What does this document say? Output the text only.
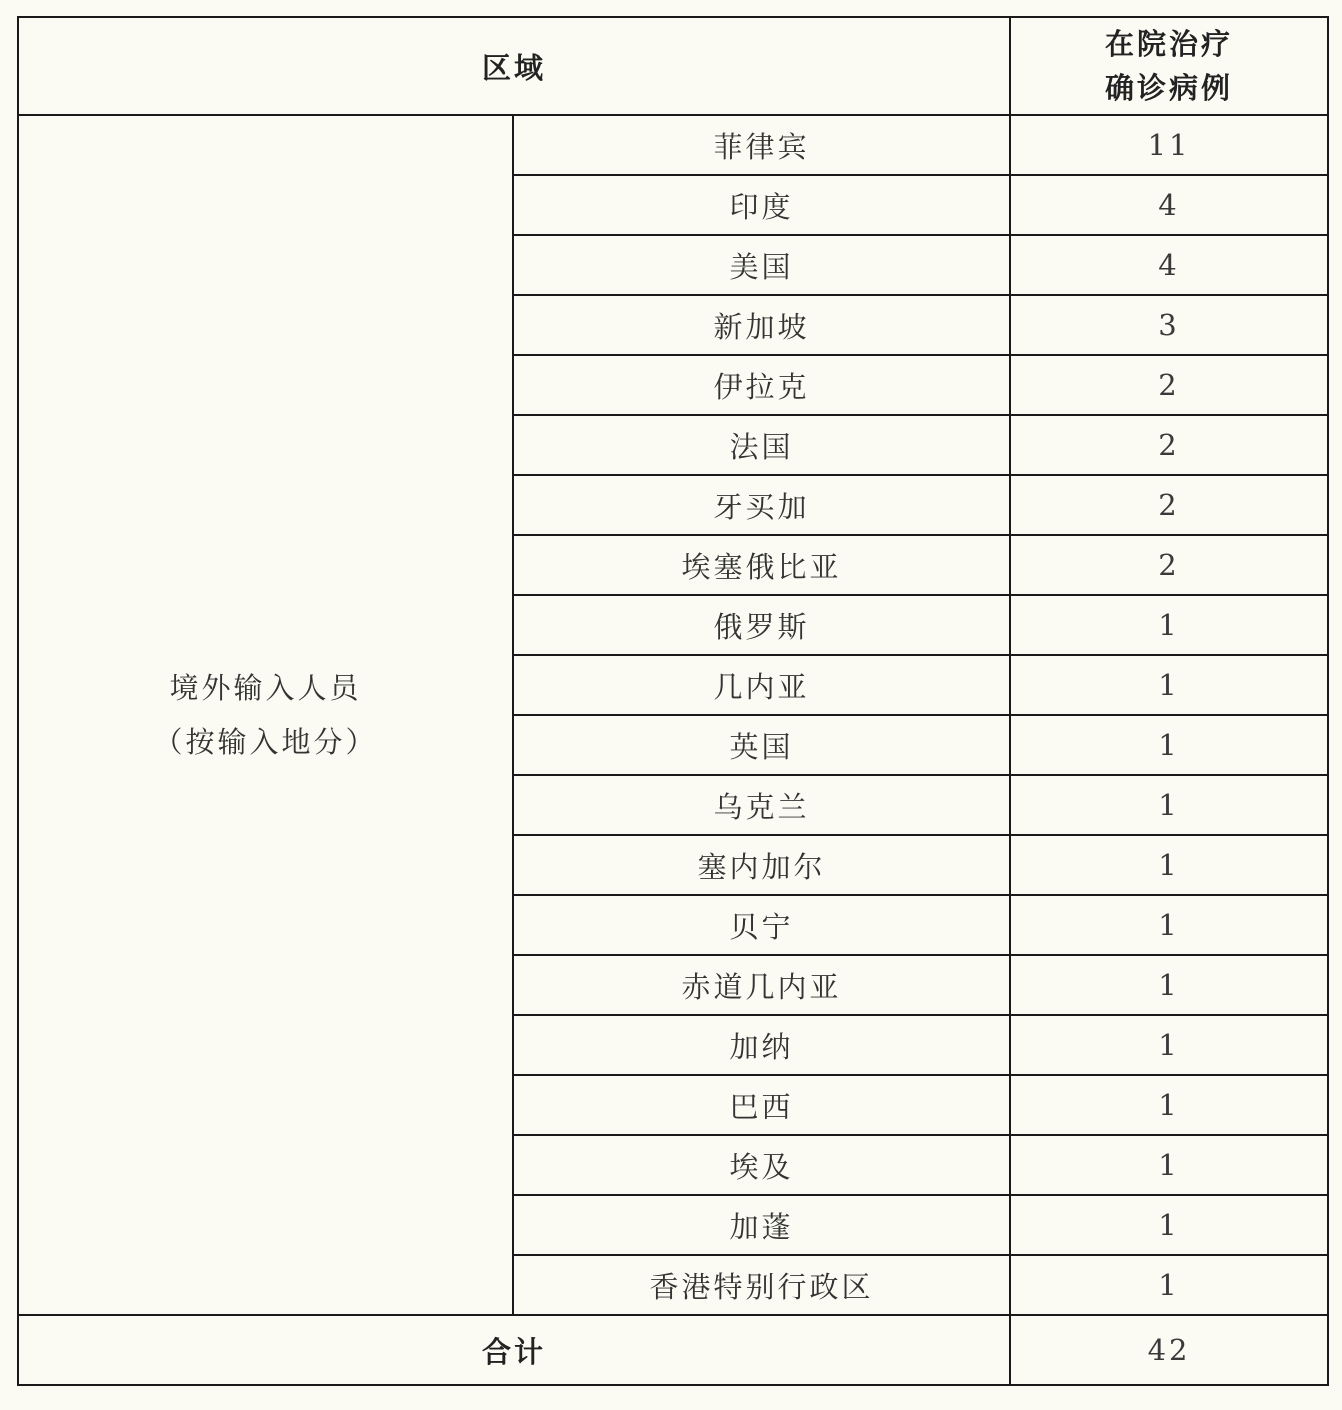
区域		在院治疗
确诊病例

境外输入人员
（按输入地分）	菲律宾	11
	印度	4
	美国	4
	新加坡	3
	伊拉克	2
	法国	2
	牙买加	2
	埃塞俄比亚	2
	俄罗斯	1
	几内亚	1
	英国	1
	乌克兰	1
	塞内加尔	1
	贝宁	1
	赤道几内亚	1
	加纳	1
	巴西	1
	埃及	1
	加蓬	1
	香港特别行政区	1
合计		42
